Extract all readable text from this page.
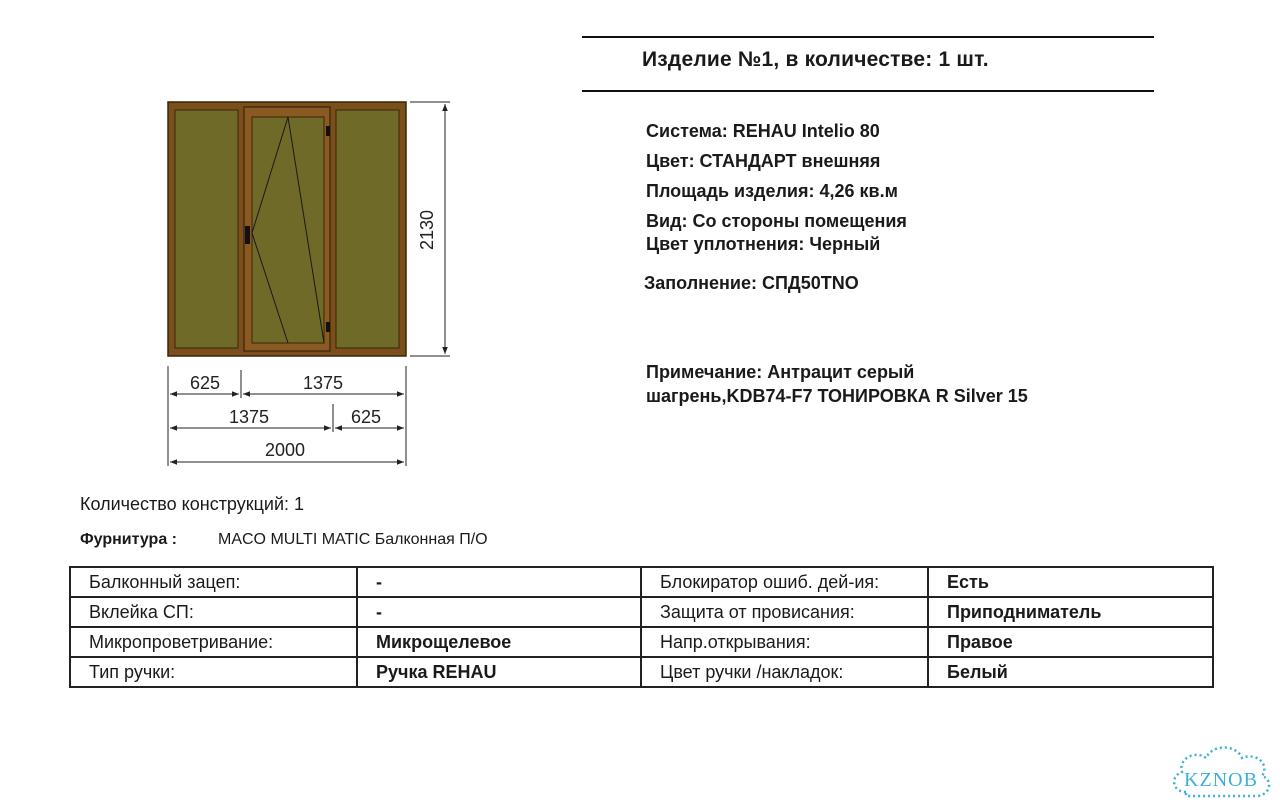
Изделие №1, в количестве: 1 шт.
2130
625	1375
1375	625
2000
Система: REHAU Intelio 80
Цвет: СТАНДАРТ внешняя
Площадь изделия: 4,26 кв.м
Вид: Со стороны помещения
Цвет уплотнения: Черный
Заполнение: СПД50TNO
Примечание: Антрацит серый
шагрень,KDB74-F7 ТОНИРОВКА R Silver 15
Количество конструкций: 1
Фурнитура :	MACO MULTI MATIC Балконная П/О
Балконный зацеп:	-	Блокиратор ошиб. дей-ия:	Есть
Вклейка СП:	-	Защита от провисания:	Приподниматель
Микропроветривание:	Микрощелевое	Напр.открывания:	Правое
Тип ручки:	Ручка REHAU	Цвет ручки /накладок:	Белый
KZNOB
